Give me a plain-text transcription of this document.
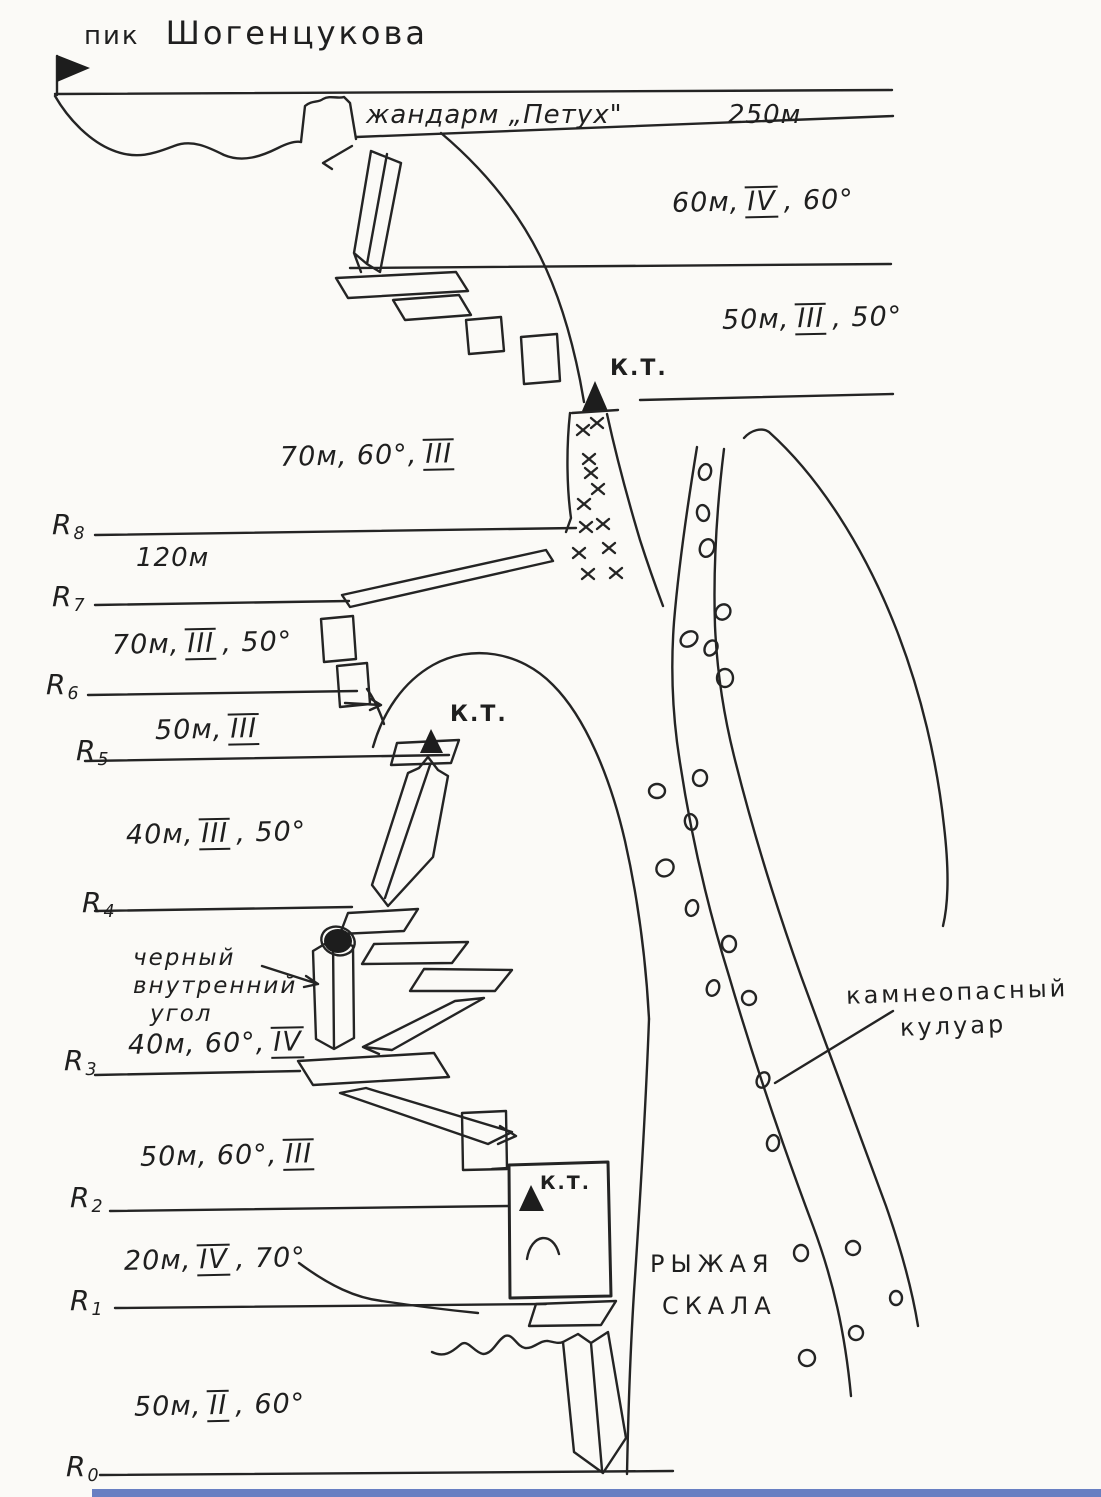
пик Шогенцукова
жандарм „Петух"	250м
60м, IV , 60°
50м, III , 50°
70м, 60°, III
70м, III , 50°
50м, III
40м, III , 50°
40м, 60°, IV
50м, 60°, III
20м, IV , 70°
50м, II , 60°
120м
R 8
R 7
R 6
R 5
R 4
R 3
R 2
R 1
R 0
К.Т.
К.Т.
К.Т.
черный
внутренний
угол
камнеопасный
кулуар
РЫЖАЯ
СКАЛА
